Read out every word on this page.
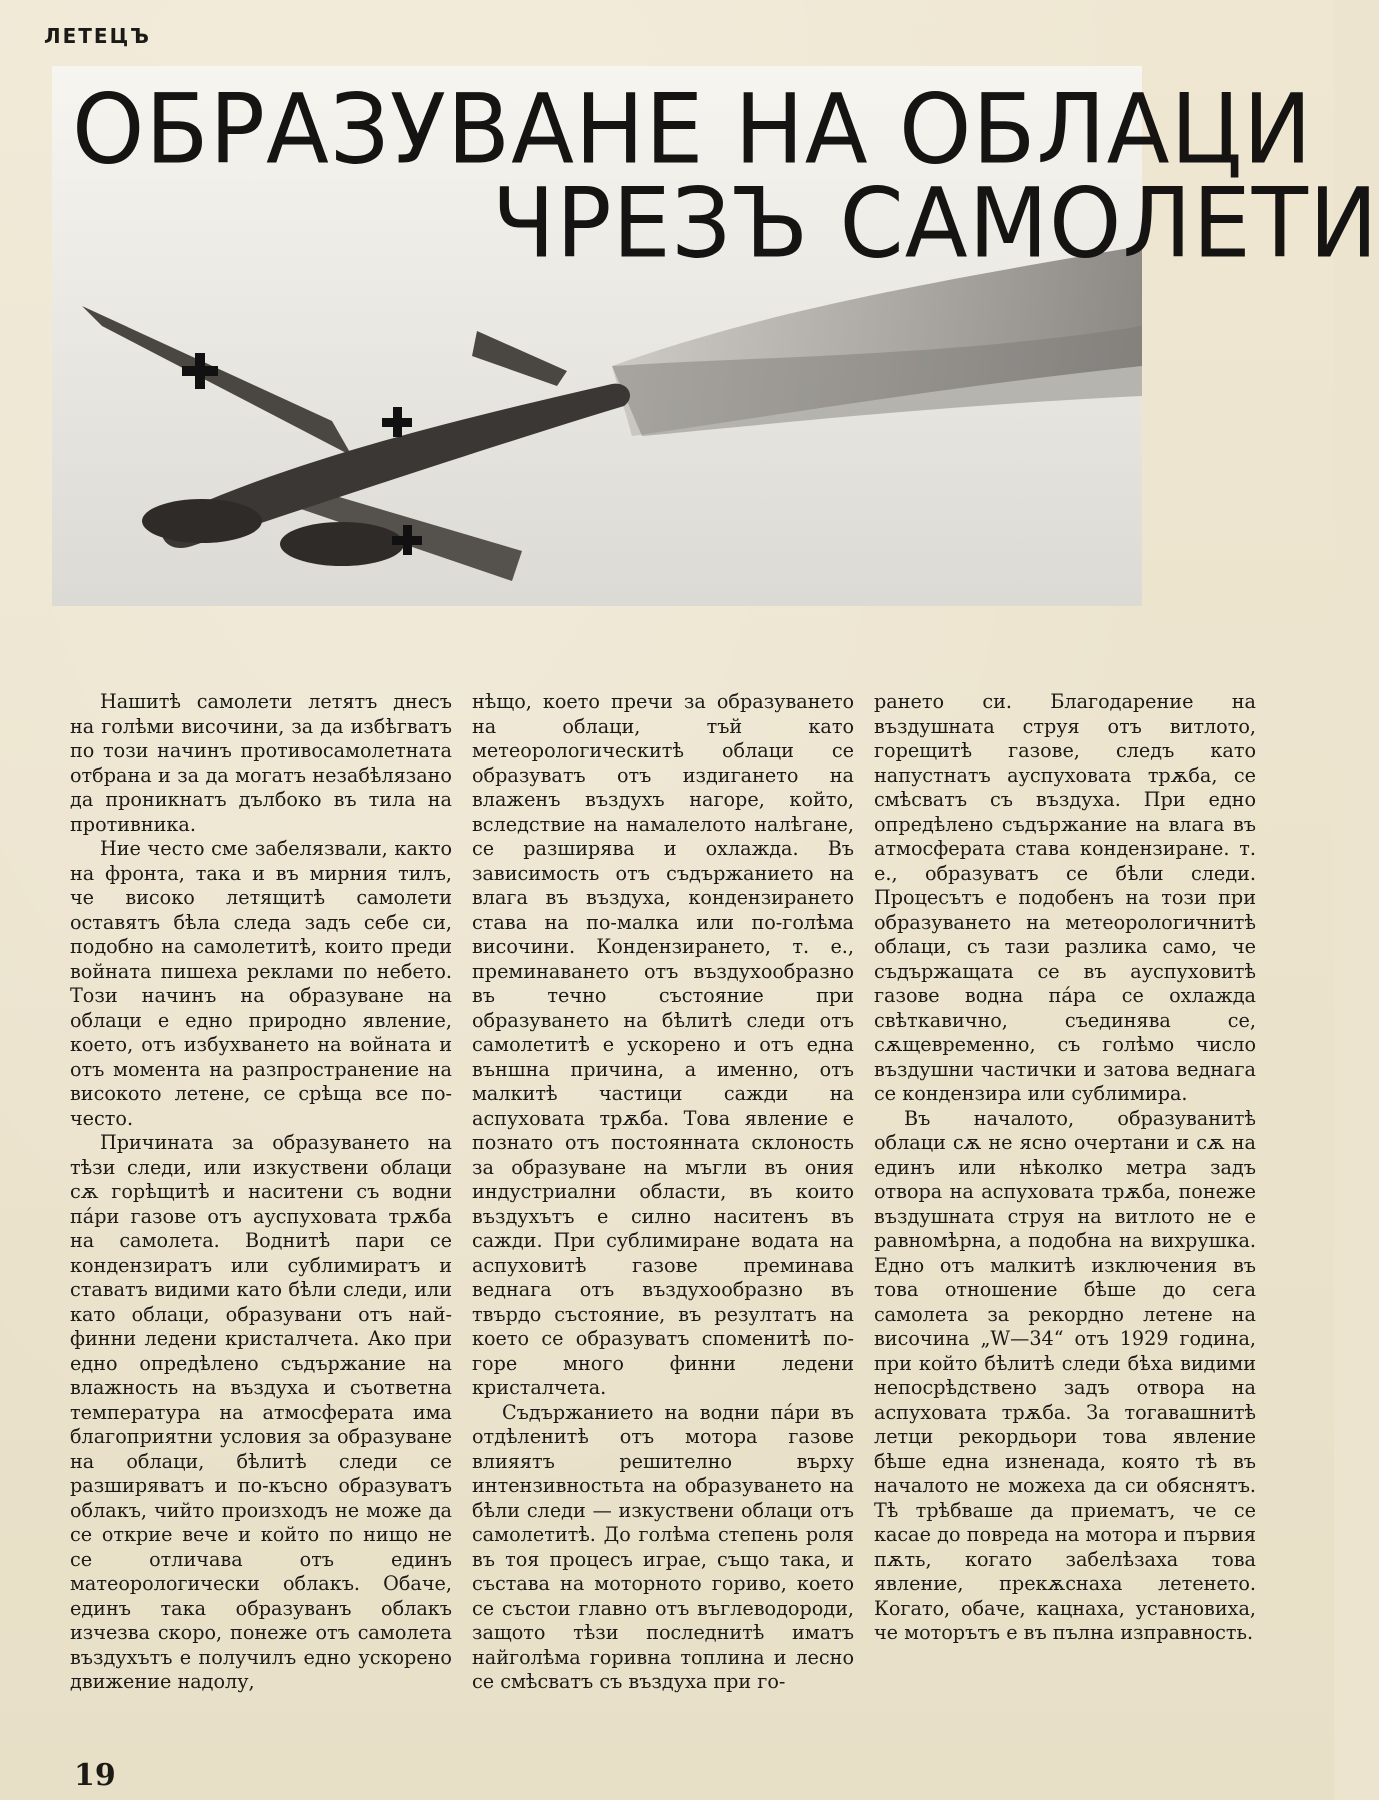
ЛЕТЕЦЪ
ОБРАЗУВАНЕ НА ОБЛАЦИ
ЧРЕЗЪ САМОЛЕТИ

Нашитѣ самолети летятъ днесъ на голѣми височини, за да избѣгватъ по този начинъ противосамолетната отбрана и за да могатъ незабѣлязано да проникнатъ дълбоко въ тила на противника.

Ние често сме забелязвали, както на фронта, така и въ мирния тилъ, че високо летящитѣ самолети оставятъ бѣла следа задъ себе си, подобно на самолетитѣ, които преди войната пишеха реклами по небето. Този начинъ на образуване на облаци е едно природно явление, което, отъ избухването на войната и отъ момента на разпространение на високото летене, се срѣща все по-често.

Причината за образуването на тѣзи следи, или изкуствени облаци сѫ горѣщитѣ и наситени съ водни пáри газове отъ ауспуховата трѫба на самолета. Воднитѣ пари се кондензиратъ или сублимиратъ и ставатъ видими като бѣли следи, или като облаци, образувани отъ най-финни ледени кристалчета. Ако при едно опредѣлено съдържание на влажность на въздуха и съответна температура на атмосферата има благоприятни условия за образуване на облаци, бѣлитѣ следи се разширяватъ и по-късно образуватъ облакъ, чийто произходъ не може да се открие вече и който по нищо не се отличава отъ единъ матеорологически облакъ. Обаче, единъ така образуванъ облакъ изчезва скоро, понеже отъ самолета въздухътъ е получилъ едно ускорено движение надолу,

нѣщо, което пречи за образуването на облаци, тъй като метеорологическитѣ облаци се образуватъ отъ издигането на влаженъ въздухъ нагоре, който, вследствие на намалелото налѣгане, се разширява и охлажда. Въ зависимость отъ съдържанието на влага въ въздуха, кондензирането става на по-малка или по-голѣма височини. Кондензирането, т. е., преминаването отъ въздухообразно въ течно състояние при образуването на бѣлитѣ следи отъ самолетитѣ е ускорено и отъ една външна причина, а именно, отъ малкитѣ частици сажди на аспуховата трѫба. Това явление е познато отъ постоянната склоность за образуване на мъгли въ ония индустриални области, въ които въздухътъ е силно наситенъ въ сажди. При сублимиране водата на аспуховитѣ газове преминава веднага отъ въздухообразно въ твърдо състояние, въ резултатъ на което се образуватъ споменитѣ по-горе много финни ледени кристалчета.

Съдържанието на водни пáри въ отдѣленитѣ отъ мотора газове влияятъ решително върху интензивностьта на образуването на бѣли следи — изкуствени облаци отъ самолетитѣ. До голѣма степень роля въ тоя процесъ играе, също така, и състава на моторното гориво, което се състои главно отъ въглеводороди, защото тѣзи последнитѣ иматъ найголѣма горивна топлина и лесно се смѣсватъ съ въздуха при го-

рането си. Благодарение на въздушната струя отъ витлото, горещитѣ газове, следъ като напустнатъ ауспуховата трѫба, се смѣсватъ съ въздуха. При едно опредѣлено съдържание на влага въ атмосферата става кондензиране. т. е., образуватъ се бѣли следи. Процесътъ е подобенъ на този при образуването на метеорологичнитѣ облаци, съ тази разлика само, че съдържащата се въ ауспуховитѣ газове водна пáра се охлажда свѣткавично, съединява се, сѫщевременно, съ голѣмо число въздушни частички и затова веднага се кондензира или сублимира.

Въ началото, образуванитѣ облаци сѫ не ясно очертани и сѫ на единъ или нѣколко метра задъ отвора на аспуховата трѫба, понеже въздушната струя на витлото не е равномѣрна, а подобна на вихрушка. Едно отъ малкитѣ изключения въ това отношение бѣше до сега самолета за рекордно летене на височина „W—34“ отъ 1929 година, при който бѣлитѣ следи бѣха видими непосрѣдствено задъ отвора на аспуховата трѫба. За тогавашнитѣ летци рекордьори това явление бѣше една изненада, която тѣ въ началото не можеха да си обяснятъ. Тѣ трѣбваше да приематъ, че се касае до повреда на мотора и първия пѫть, когато забелѣзаха това явление, прекѫснаха летенето. Когато, обаче, кацнаха, установиха, че моторътъ е въ пълна изправность.

19
